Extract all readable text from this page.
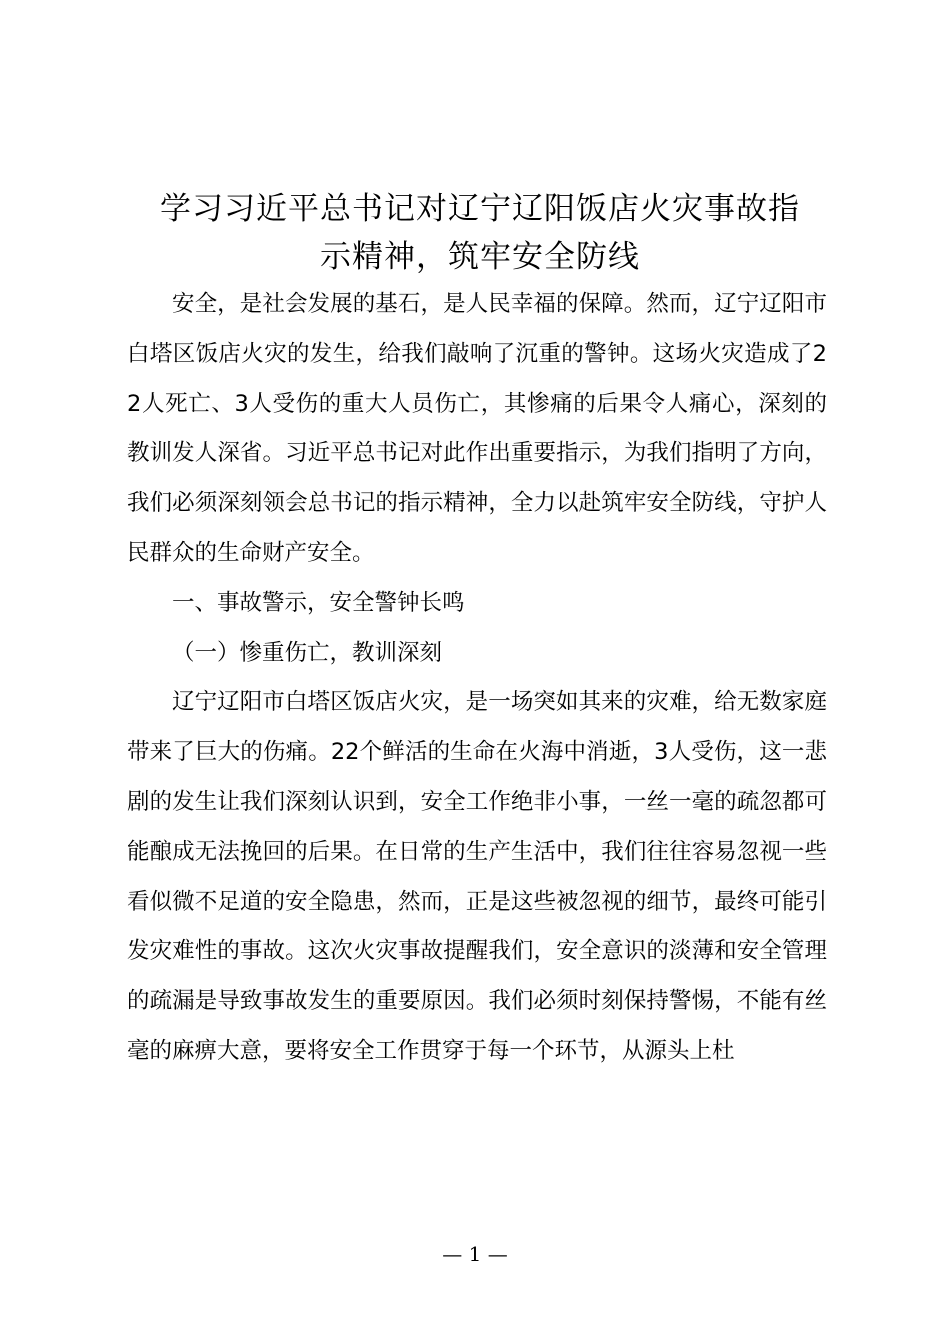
学习习近平总书记对辽宁辽阳饭店火灾事故指
示精神，筑牢安全防线

安全，是社会发展的基石，是人民幸福的保障。然而，辽宁辽阳市白塔区饭店火灾的发生，给我们敲响了沉重的警钟。这场火灾造成了22人死亡、3人受伤的重大人员伤亡，其惨痛的后果令人痛心，深刻的教训发人深省。习近平总书记对此作出重要指示，为我们指明了方向，我们必须深刻领会总书记的指示精神，全力以赴筑牢安全防线，守护人民群众的生命财产安全。

一、事故警示，安全警钟长鸣

（一）惨重伤亡，教训深刻

辽宁辽阳市白塔区饭店火灾，是一场突如其来的灾难，给无数家庭带来了巨大的伤痛。22个鲜活的生命在火海中消逝，3人受伤，这一悲剧的发生让我们深刻认识到，安全工作绝非小事，一丝一毫的疏忽都可能酿成无法挽回的后果。在日常的生产生活中，我们往往容易忽视一些看似微不足道的安全隐患，然而，正是这些被忽视的细节，最终可能引发灾难性的事故。这次火灾事故提醒我们，安全意识的淡薄和安全管理的疏漏是导致事故发生的重要原因。我们必须时刻保持警惕，不能有丝毫的麻痹大意，要将安全工作贯穿于每一个环节，从源头上杜

— 1 —
